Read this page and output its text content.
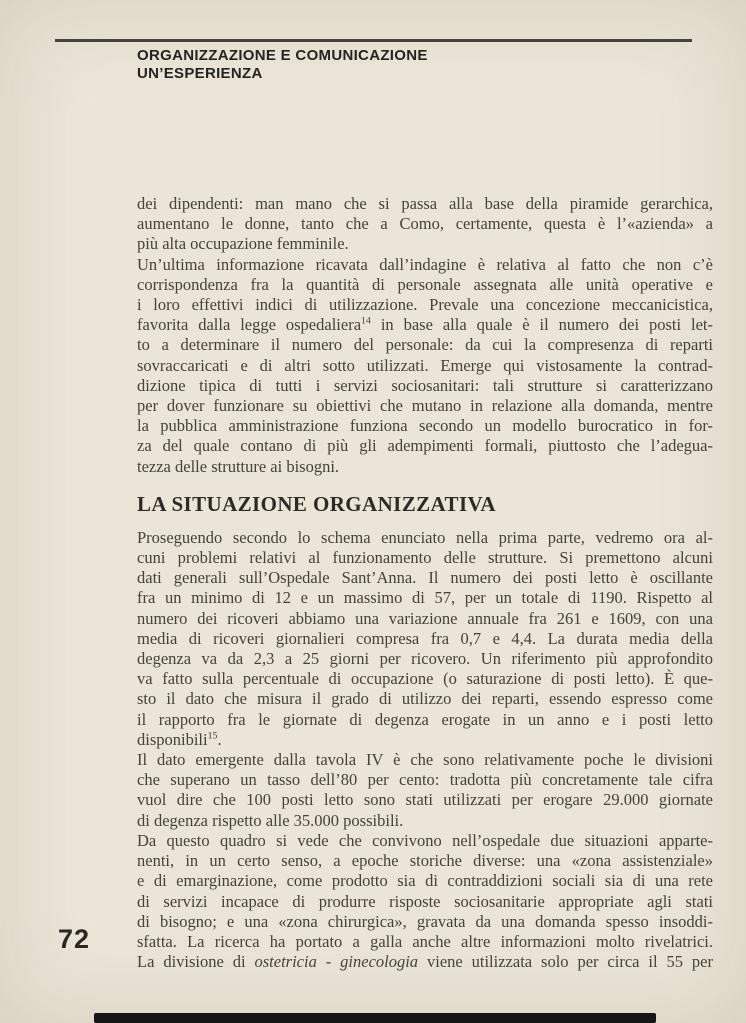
ORGANIZZAZIONE E COMUNICAZIONE
UN’ESPERIENZA
dei dipendenti: man mano che si passa alla base della piramide gerarchica,
aumentano le donne, tanto che a Como, certamente, questa è l’«azienda» a
più alta occupazione femminile.
Un’ultima informazione ricavata dall’indagine è relativa al fatto che non c’è
corrispondenza fra la quantità di personale assegnata alle unità operative e
i loro effettivi indici di utilizzazione. Prevale una concezione meccanicistica,
favorita dalla legge ospedaliera$^{14}$ in base alla quale è il numero dei posti let-
to a determinare il numero del personale: da cui la compresenza di reparti
sovraccaricati e di altri sotto utilizzati. Emerge qui vistosamente la contrad-
dizione tipica di tutti i servizi sociosanitari: tali strutture si caratterizzano
per dover funzionare su obiettivi che mutano in relazione alla domanda, mentre
la pubblica amministrazione funziona secondo un modello burocratico in for-
za del quale contano di più gli adempimenti formali, piuttosto che l’adegua-
tezza delle strutture ai bisogni.
LA SITUAZIONE ORGANIZZATIVA
Proseguendo secondo lo schema enunciato nella prima parte, vedremo ora al-
cuni problemi relativi al funzionamento delle strutture. Si premettono alcuni
dati generali sull’Ospedale Sant’Anna. Il numero dei posti letto è oscillante
fra un minimo di 12 e un massimo di 57, per un totale di 1190. Rispetto al
numero dei ricoveri abbiamo una variazione annuale fra 261 e 1609, con una
media di ricoveri giornalieri compresa fra 0,7 e 4,4. La durata media della
degenza va da 2,3 a 25 giorni per ricovero. Un riferimento più approfondito
va fatto sulla percentuale di occupazione (o saturazione di posti letto). È que-
sto il dato che misura il grado di utilizzo dei reparti, essendo espresso come
il rapporto fra le giornate di degenza erogate in un anno e i posti letto
disponibili$^{15}$.
Il dato emergente dalla tavola IV è che sono relativamente poche le divisioni
che superano un tasso dell’80 per cento: tradotta più concretamente tale cifra
vuol dire che 100 posti letto sono stati utilizzati per erogare 29.000 giornate
di degenza rispetto alle 35.000 possibili.
Da questo quadro si vede che convivono nell’ospedale due situazioni apparte-
nenti, in un certo senso, a epoche storiche diverse: una «zona assistenziale»
e di emarginazione, come prodotto sia di contraddizioni sociali sia di una rete
di servizi incapace di produrre risposte sociosanitarie appropriate agli stati
di bisogno; e una «zona chirurgica», gravata da una domanda spesso insoddi-
sfatta. La ricerca ha portato a galla anche altre informazioni molto rivelatrici.
La divisione di ostetricia - ginecologia viene utilizzata solo per circa il 55 per
72
